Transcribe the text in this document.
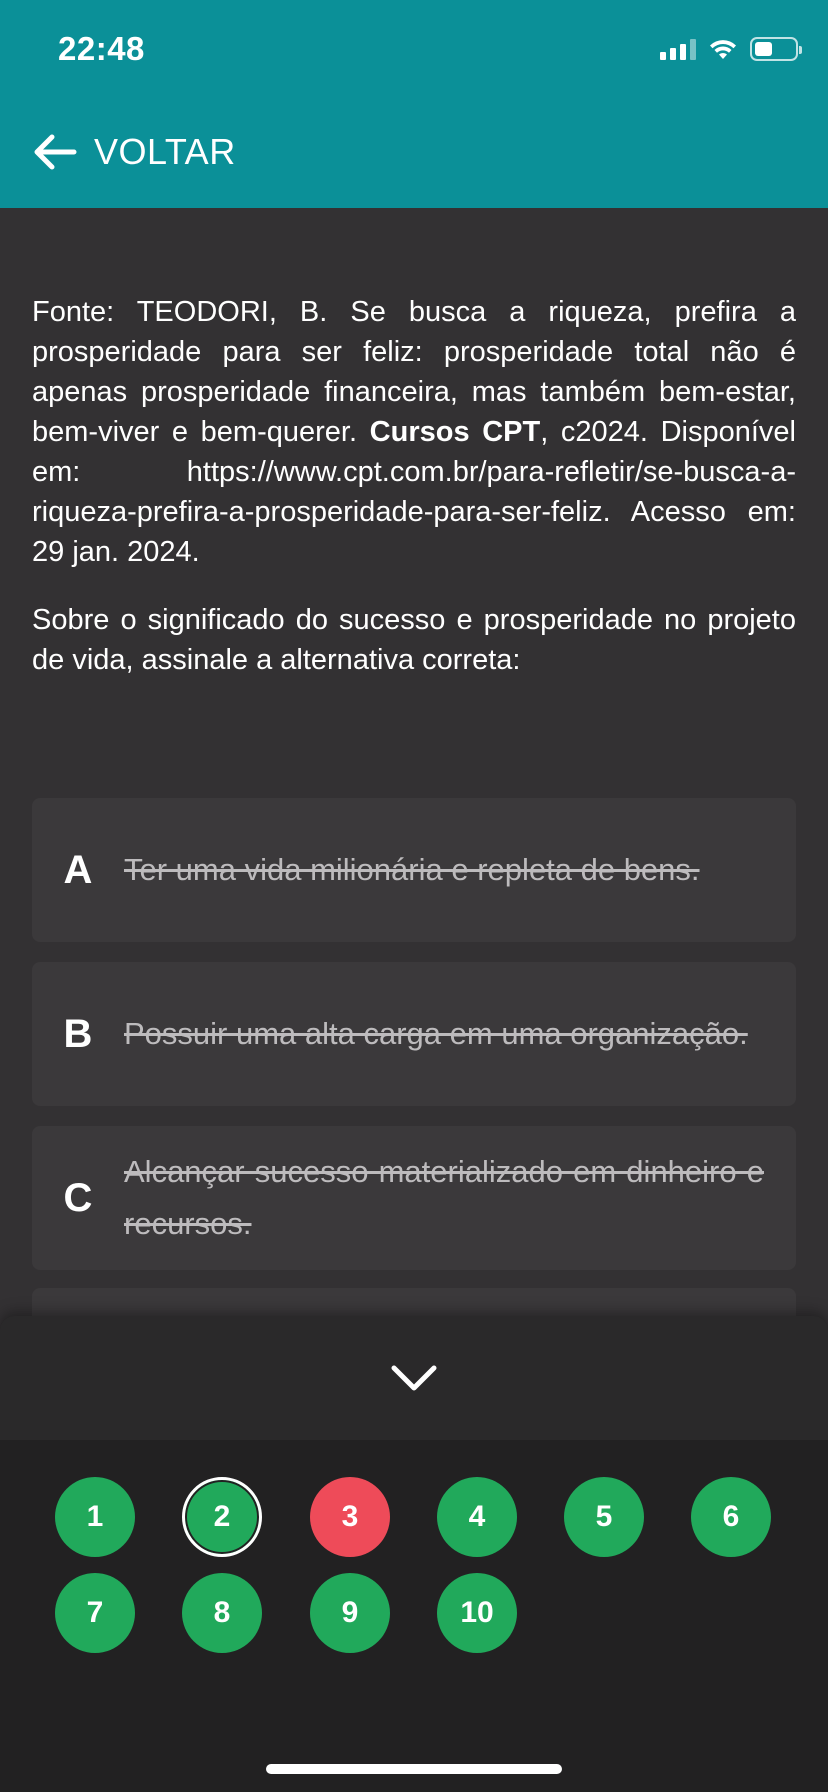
22:48
VOLTAR

Fonte: TEODORI, B. Se busca a riqueza, prefira a prosperidade para ser feliz: prosperidade total não é apenas prosperidade financeira, mas também bem-estar, bem-viver e bem-querer. Cursos CPT, c2024. Disponível em: https://www.cpt.com.br/para-refletir/se-busca-a-riqueza-prefira-a-prosperidade-para-ser-feliz. Acesso em: 29 jan. 2024.

Sobre o significado do sucesso e prosperidade no projeto de vida, assinale a alternativa correta:

A	Ter uma vida milionária e repleta de bens.
B	Possuir uma alta carga em uma organização.
C
Alcançar sucesso materializado em dinheiro e recursos.
1	2	3	4	5	6
7	8	9	10
